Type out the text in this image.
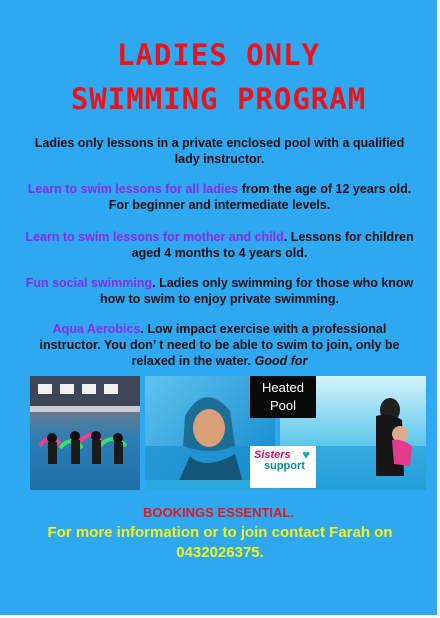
LADIES ONLY
SWIMMING PROGRAM

Ladies only lessons in a private enclosed pool with a qualified lady instructor.

Learn to swim lessons for all ladies from the age of 12 years old. For beginner and intermediate levels.

Learn to swim lessons for mother and child. Lessons for children aged 4 months to 4 years old.

Fun social swimming. Ladies only swimming for those who know how to swim to enjoy private swimming.

Aqua Aerobics. Low impact exercise with a professional instructor. You don’ t need to be able to swim to join, only be relaxed in the water. Good for

Heated
Pool
Sisters ♥
support

BOOKINGS ESSENTIAL.

For more information or to join contact Farah on 0432026375.
